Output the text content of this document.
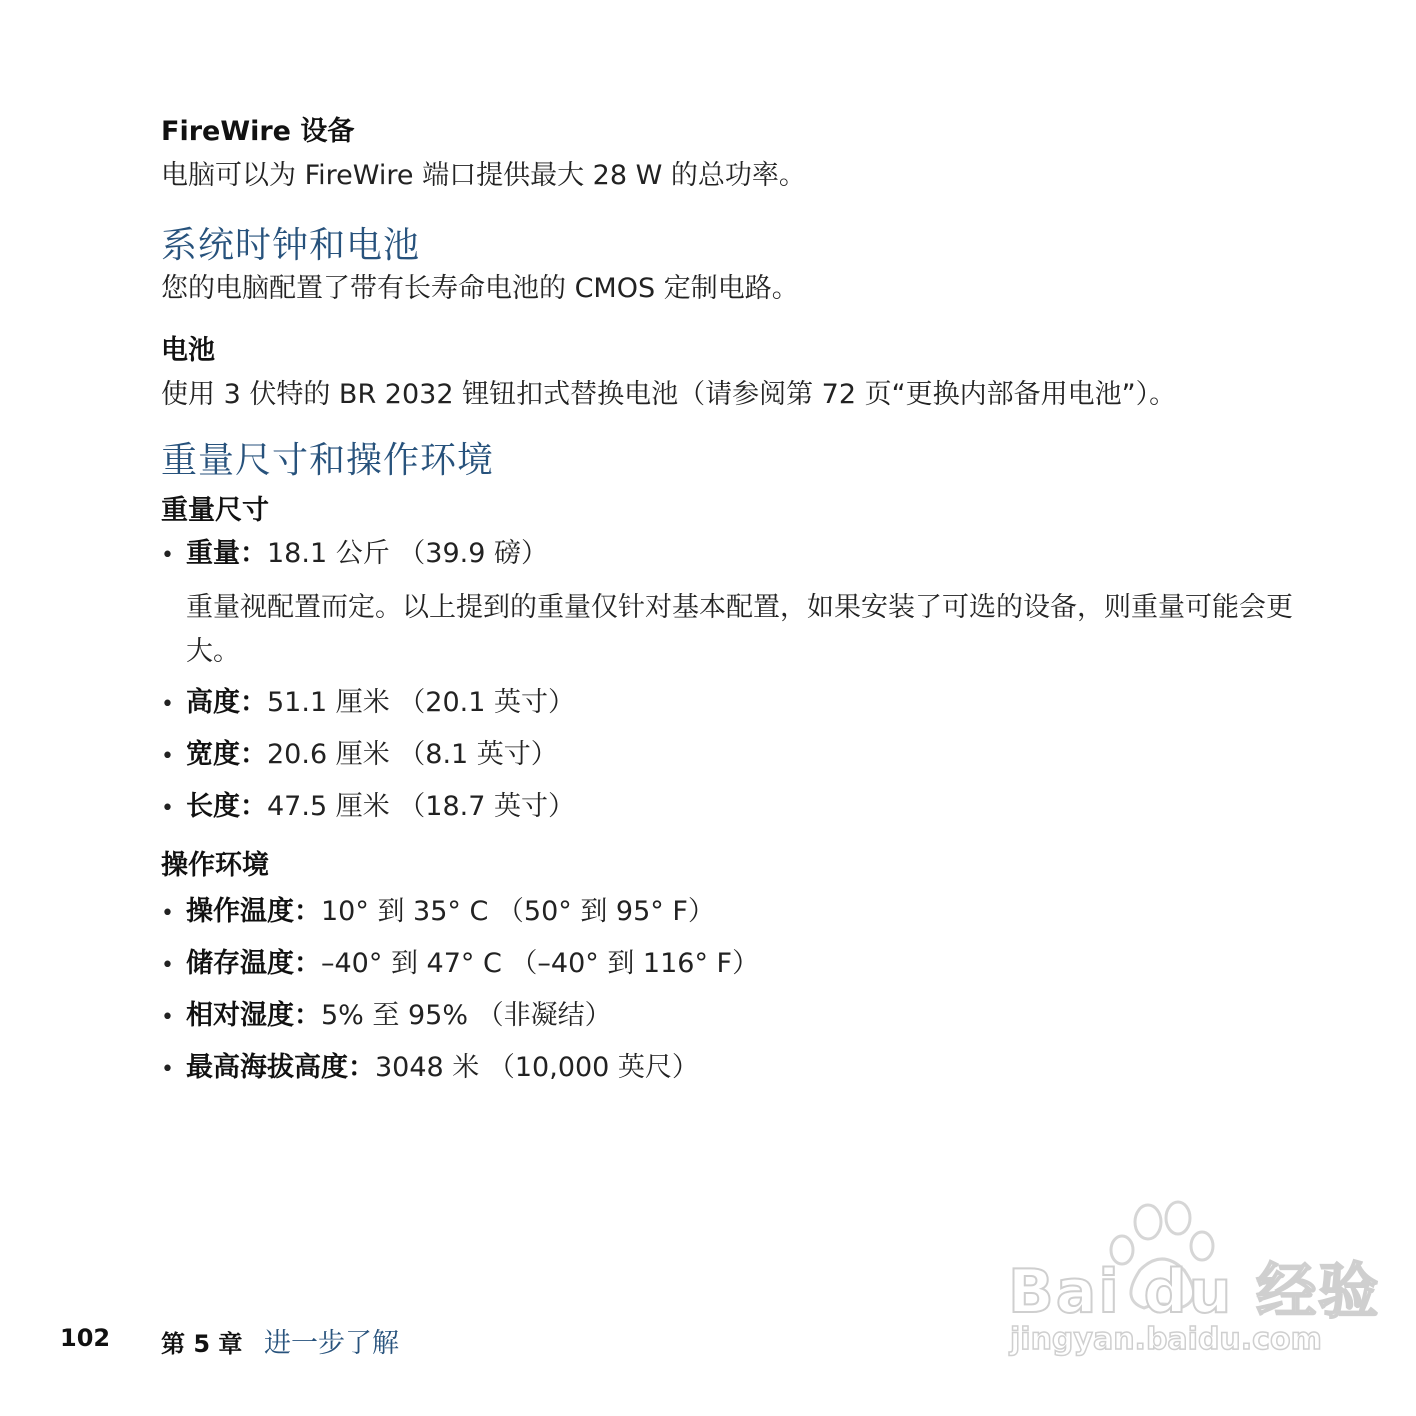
FireWire 设备
电脑可以为 FireWire 端口提供最大 28 W 的总功率。
系统时钟和电池
您的电脑配置了带有长寿命电池的 CMOS 定制电路。
电池
使用 3 伏特的 BR 2032 锂钮扣式替换电池（请参阅第 72 页“更换内部备用电池”）。
重量尺寸和操作环境
重量尺寸
• 重量：18.1 公斤 （39.9 磅）
重量视配置而定。以上提到的重量仅针对基本配置，如果安装了可选的设备，则重量可能会更大。
• 高度：51.1 厘米 （20.1 英寸）
• 宽度：20.6 厘米 （8.1 英寸）
• 长度：47.5 厘米 （18.7 英寸）
操作环境
• 操作温度：10° 到 35° C （50° 到 95° F）
• 储存温度：–40° 到 47° C （–40° 到 116° F）
• 相对湿度：5% 至 95% （非凝结）
• 最高海拔高度：3048 米 （10,000 英尺）
102 第 5 章 进一步了解
Bai du 经验
jingyan.baidu.com
